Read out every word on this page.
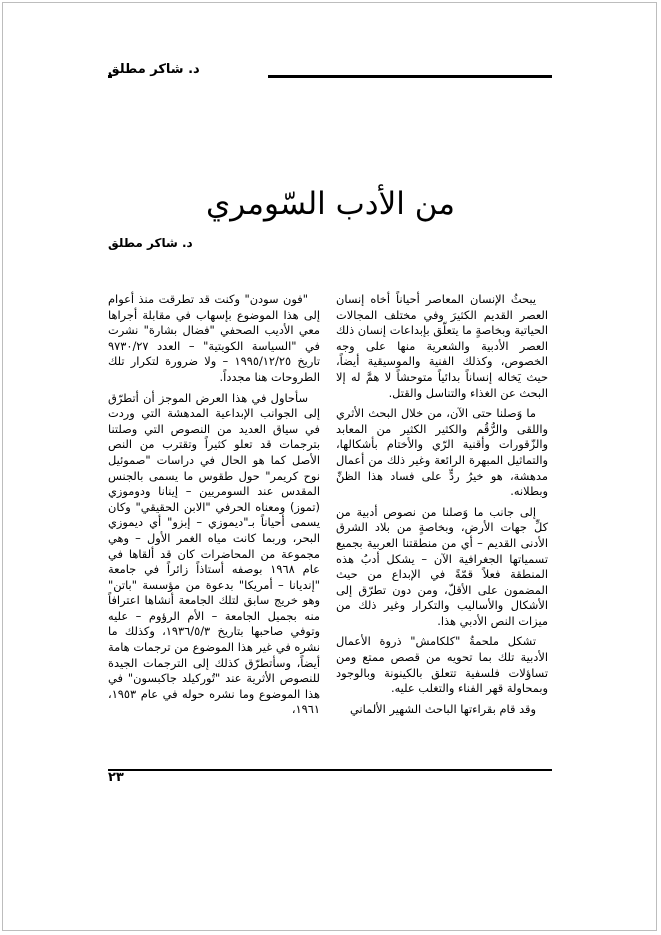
د. شاكر مطلق
من الأدب السّومري
د. شاكر مطلق

يبحثُ الإنسان المعاصر أحياناً أخاه إنسان العصر القديم الكثيرَ وفي مختلف المجالات الحياتية وبخاصةٍ ما يتعلّق بإبداعات إنسان ذلك العصر الأدبية والشعرية منها على وجه الخصوص، وكذلك الفنية والموسيقية أيضاً، حيث يَخاله إنساناً بدائياً متوحشاً لا همَّ له إلا البحث عن الغذاء والتناسل والقتل.

ما وَصلنا حتى الآن، من خلال البحث الأثري واللقى والرُّقُم والكثير الكثير من المعابد والزّقورات وأقنية الرّي والأختام بأشكالها، والتماثيل المبهرة الرائعة وغير ذلك من أعمال مدهشة، هو خيرُ ردٍّ على فساد هذا الظنِّ وبطلانه.

إلى جانب ما وَصلنا من نصوص أدبية من كلِّ جهات الأرض، وبخاصةٍ من بلاد الشرق الأدنى القديم – أي من منطقتنا العربية بجميع تسمياتها الجغرافية الآن – يشكل أدبُ هذه المنطقة فعلاً قمّةً في الإبداع من حيث المضمون على الأقلّ، ومن دون تطرّق إلى الأشكال والأساليب والتكرار وغير ذلك من ميزات النص الأدبي هذا.

تشكل ملحمةُ "كلكامش" ذروة الأعمال الأدبية تلك بما تحويه من قصص ممتع ومن تساؤلات فلسفية تتعلق بالكينونة وبالوجود وبمحاولة قهر الفناء والتغلب عليه.

وقد قام بقراءتها الباحث الشهير الألماني

"فون سودن" وكنت قد تطرقت منذ أعوام إلى هذا الموضوع بإسهاب في مقابلة أجراها معي الأديب الصحفي "فضال بشارة" نشرت في "السياسة الكويتية" – العدد ٩٧٣٠/٢٧ تاريخ ١٩٩٥/١٢/٢٥ – ولا ضرورة لتكرار تلك الطروحات هنا مجدداً.

سأحاول في هذا العرض الموجز أن أتطرّق إلى الجوانب الإبداعية المدهشة التي وردت في سياق العديد من النصوص التي وصلتنا بترجمات قد تعلو كثيراً وتقترب من النص الأصل كما هو الحال في دراسات "صموئيل نوح كريمر" حول طقوس ما يسمى بالجنس المقدس عند السومريين – إينانا ودوموزي (تموز) ومعناه الحرفي "الابن الحقيقي" وكان يسمى أحياناً بـ"ديموزي – إبزو" أي ديموزي البحر، وربما كانت مياه الغمر الأول – وهي مجموعة من المحاضرات كان قد ألقاها في عام ١٩٦٨ بوصفه أستاذاً زائراً في جامعة "إنديانا – أمريكا" بدعوة من مؤسسة "باتن" وهو خريج سابق لتلك الجامعة أنشاها اعترافاً منه بجميل الجامعة – الأم الرؤوم – عليه وتوفي صاحبها بتاريخ ١٩٣٦/٥/٣، وكذلك ما نشره في غير هذا الموضوع من ترجمات هامة أيضاً، وسأتطرّق كذلك إلى الترجمات الجيدة للنصوص الأثرية عند "تُوركيلد جاكبسون" في هذا الموضوع وما نشره حوله في عام ١٩٥٣، ١٩٦١،

٢٣
